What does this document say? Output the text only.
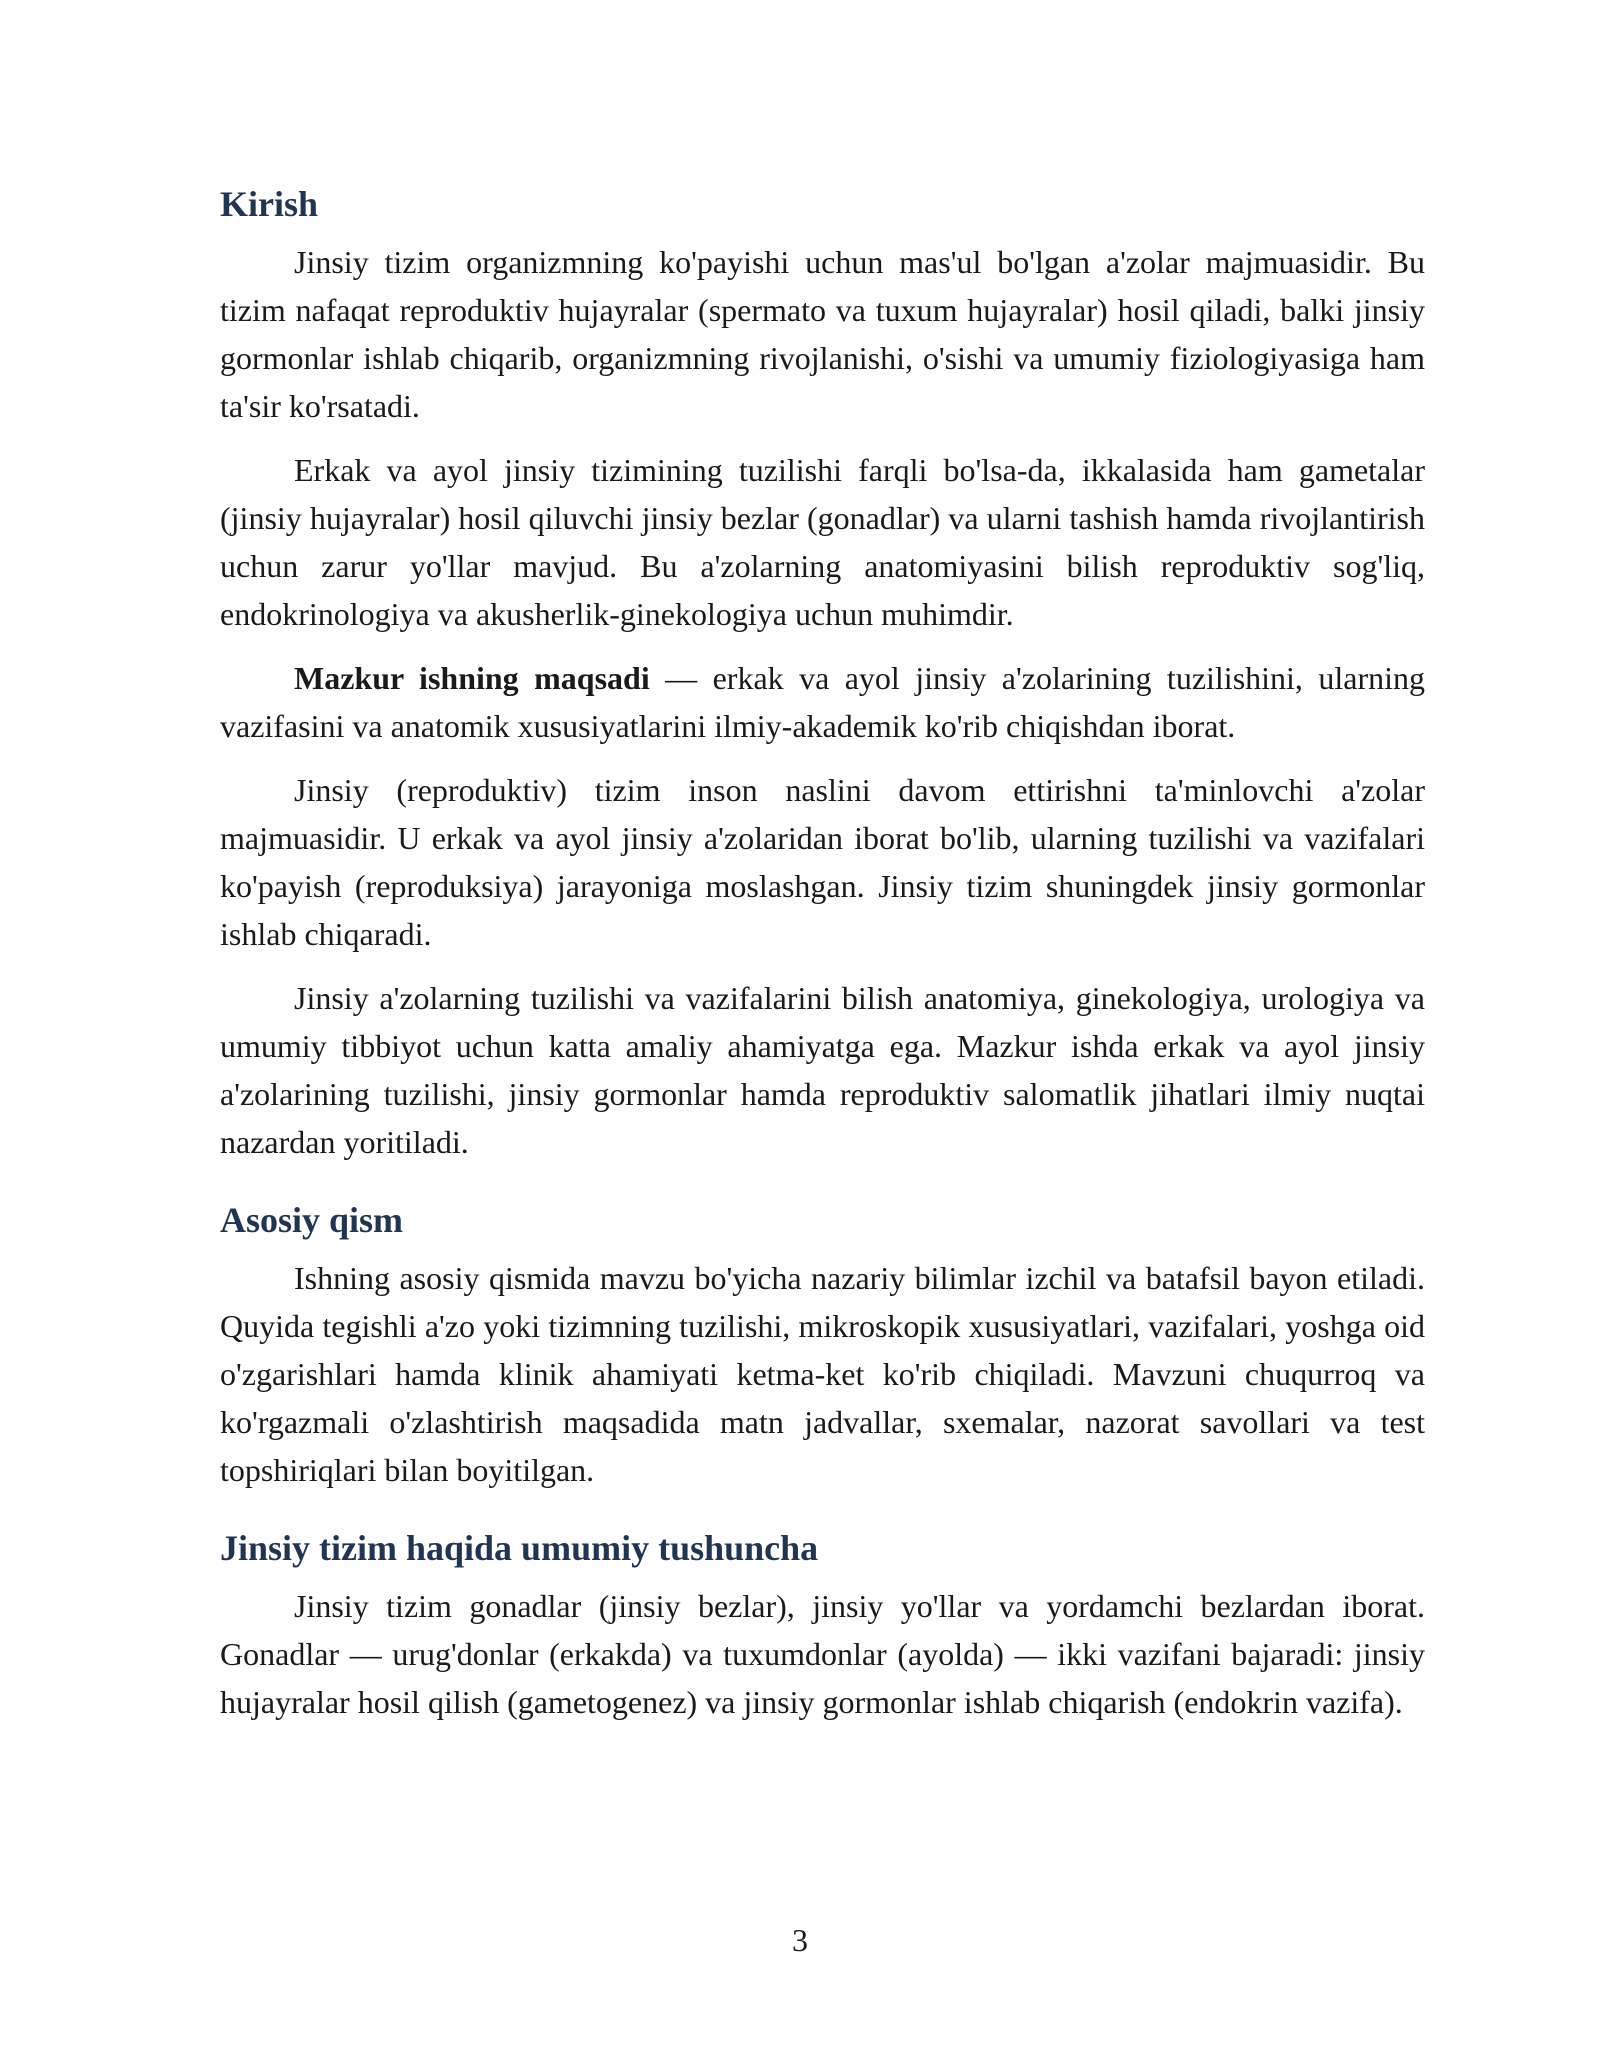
Kirish

Jinsiy tizim organizmning ko'payishi uchun mas'ul bo'lgan a'zolar majmuasidir. Bu tizim nafaqat reproduktiv hujayralar (spermato va tuxum hujayralar) hosil qiladi, balki jinsiy gormonlar ishlab chiqarib, organizmning rivojlanishi, o'sishi va umumiy fiziologiyasiga ham ta'sir ko'rsatadi.

Erkak va ayol jinsiy tizimining tuzilishi farqli bo'lsa-da, ikkalasida ham gametalar (jinsiy hujayralar) hosil qiluvchi jinsiy bezlar (gonadlar) va ularni tashish hamda rivojlantirish uchun zarur yo'llar mavjud. Bu a'zolarning anatomiyasini bilish reproduktiv sog'liq, endokrinologiya va akusherlik-ginekologiya uchun muhimdir.

Mazkur ishning maqsadi — erkak va ayol jinsiy a'zolarining tuzilishini, ularning vazifasini va anatomik xususiyatlarini ilmiy-akademik ko'rib chiqishdan iborat.

Jinsiy (reproduktiv) tizim inson naslini davom ettirishni ta'minlovchi a'zolar majmuasidir. U erkak va ayol jinsiy a'zolaridan iborat bo'lib, ularning tuzilishi va vazifalari ko'payish (reproduksiya) jarayoniga moslashgan. Jinsiy tizim shuningdek jinsiy gormonlar ishlab chiqaradi.

Jinsiy a'zolarning tuzilishi va vazifalarini bilish anatomiya, ginekologiya, urologiya va umumiy tibbiyot uchun katta amaliy ahamiyatga ega. Mazkur ishda erkak va ayol jinsiy a'zolarining tuzilishi, jinsiy gormonlar hamda reproduktiv salomatlik jihatlari ilmiy nuqtai nazardan yoritiladi.

Asosiy qism

Ishning asosiy qismida mavzu bo'yicha nazariy bilimlar izchil va batafsil bayon etiladi. Quyida tegishli a'zo yoki tizimning tuzilishi, mikroskopik xususiyatlari, vazifalari, yoshga oid o'zgarishlari hamda klinik ahamiyati ketma-ket ko'rib chiqiladi. Mavzuni chuqurroq va ko'rgazmali o'zlashtirish maqsadida matn jadvallar, sxemalar, nazorat savollari va test topshiriqlari bilan boyitilgan.

Jinsiy tizim haqida umumiy tushuncha

Jinsiy tizim gonadlar (jinsiy bezlar), jinsiy yo'llar va yordamchi bezlardan iborat. Gonadlar — urug'donlar (erkakda) va tuxumdonlar (ayolda) — ikki vazifani bajaradi: jinsiy hujayralar hosil qilish (gametogenez) va jinsiy gormonlar ishlab chiqarish (endokrin vazifa).

3
